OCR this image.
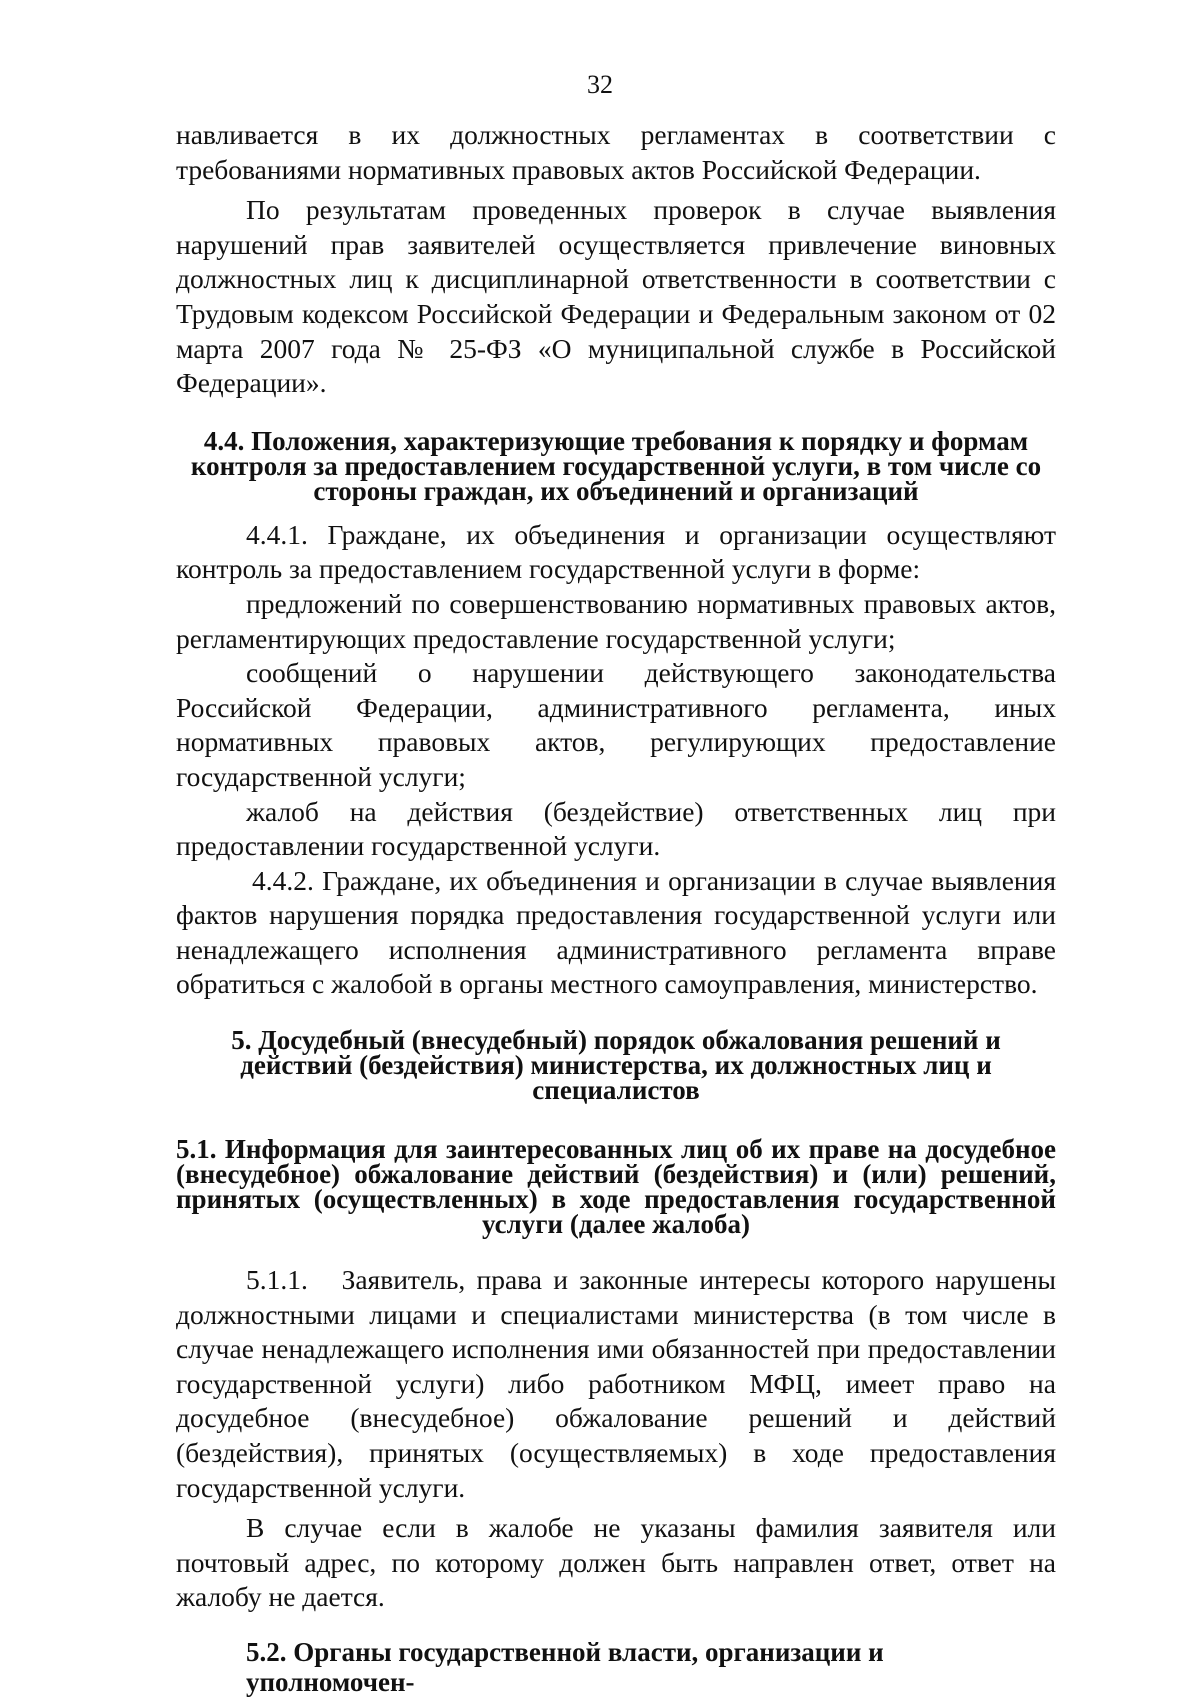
32

навливается в их должностных регламентах в соответствии с требованиями нормативных правовых актов Российской Федерации.

По результатам проведенных проверок в случае выявления нарушений прав заявителей осуществляется привлечение виновных должностных лиц к дисциплинарной ответственности в соответствии с Трудовым кодексом Российской Федерации и Федеральным законом от 02 марта 2007 года № 25-ФЗ «О муниципальной службе в Российской Федерации».

4.4. Положения, характеризующие требования к порядку и формам контроля за предоставлением государственной услуги, в том числе со стороны граждан, их объединений и организаций

4.4.1. Граждане, их объединения и организации осуществляют контроль за предоставлением государственной услуги в форме:

предложений по совершенствованию нормативных правовых актов, регламентирующих предоставление государственной услуги;

сообщений о нарушении действующего законодательства Российской Федерации, административного регламента, иных нормативных правовых актов, регулирующих предоставление государственной услуги;

жалоб на действия (бездействие) ответственных лиц при предоставлении государственной услуги.

4.4.2. Граждане, их объединения и организации в случае выявления фактов нарушения порядка предоставления государственной услуги или ненадлежащего исполнения административного регламента вправе обратиться с жалобой в органы местного самоуправления, министерство.

5. Досудебный (внесудебный) порядок обжалования решений и действий (бездействия) министерства, их должностных лиц и специалистов

5.1. Информация для заинтересованных лиц об их праве на досудебное (внесудебное) обжалование действий (бездействия) и (или) решений, принятых (осуществленных) в ходе предоставления государственной услуги (далее жалоба)

5.1.1.   Заявитель, права и законные интересы которого нарушены должностными лицами и специалистами министерства (в том числе в случае ненадлежащего исполнения ими обязанностей при предоставлении государственной услуги) либо работником МФЦ, имеет право на досудебное (внесудебное) обжалование решений и действий (бездействия), принятых (осуществляемых) в ходе предоставления государственной услуги.

В случае если в жалобе не указаны фамилия заявителя или почтовый адрес, по которому должен быть направлен ответ, ответ на жалобу не дается.

5.2. Органы государственной власти, организации и уполномочен-
